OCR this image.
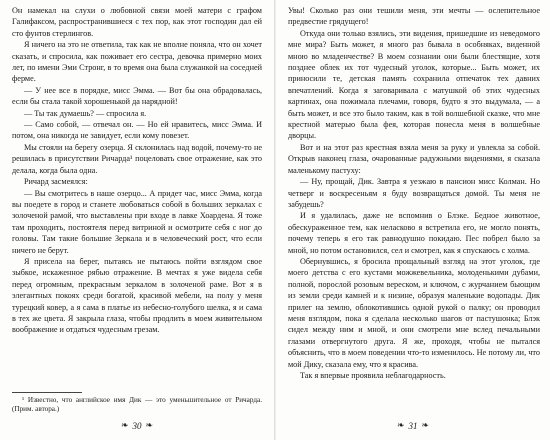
Он намекал на слухи о любовной связи моей матери с графом Галифаксом, распространившиеся с тех пор, как этот господин дал ей сто фунтов стерлингов.

Я ничего на это не ответила, так как не вполне поняла, что он хочет сказать, и спросила, как поживает его сестра, девочка примерно моих лет, по имени Эми Стронг, в то время она была служанкой на соседней ферме.

— У нее все в порядке, мисс Эмма. — Вот бы она обрадовалась, если бы стала такой хорошенькой да нарядной!

— Ты так думаешь? — спросила я.

— Само собой, — отвечал он. — Но ей нравитесь, мисс Эмма. И потом, она никогда не завидует, если кому повезет.

Мы стояли на берегу озерца. Я склонилась над водой, почему-то не решилась в присутствии Ричарда¹ поцеловать свое отражение, как это делала, когда была одна.

Ричард засмеялся:

— Вы смотритесь в наше озерцо... А придет час, мисс Эмма, когда вы поедете в город и станете любоваться собой в больших зеркалах с золоченой рамой, что выставлены при входе в лавке Хоардена. Я тоже там проходить, постоятеля перед витриной и осмотрите себя с ног до головы. Там такие большие Зеркала и в человеческий рост, что если ничего не берут.

Я присела на берег, пытаясь не пытаюсь пойти взглядом свое зыбкое, искаженное рябью отражение. В мечтах я уже видела себя перед огромным, прекрасным зеркалом в золоченой раме. Вот я в элегантных покоях среди богатой, красивой мебели, на полу у меня турецкий ковер, а я сама в платье из небесно-голубого шелка, я и сама в тех же цвета. Я закрыла глаза, чтобы продлить в моем живительном воображение и отдаться чудесным грезам.

Увы! Сколько раз они тешили меня, эти мечты — ослепительное предвестие грядущего!

Откуда они только взялись, эти видения, пришедшие из неведомого мне мира? Быть может, я много раз бывала в особняках, виденной мною во младенчестве? В моем сознании они были блестящие, хотя позднее облек их тот чудесный уголок, которые... Быть может, их приносили те, детская память сохранила отпечаток тех давних впечатлений. Когда я заговаривала с матушкой об этих чудесных картинах, она пожимала плечами, говоря, будто я это выдумала, — а быть может, и все это было таким, как в той волшебной сказке, что мне крестной матерью была фея, которая понесла меня в волшебные дворцы.

Вот и на этот раз крестная взяла меня за руку и увлекла за собой. Открыв наконец глаза, очарованные радужными видениями, я сказала маленькому пастуху:

— Ну, прощай, Дик. Завтра я уезжаю в пансион мисс Колман. Но четверг и воскресеньям я буду возвращаться домой. Ты меня не забудешь?

И я удалилась, даже не вспомнив о Блэке. Бедное животное, обескураженное тем, как нелаcково я встретила его, не могло понять, почему теперь я его так равнодушно покидаю. Пес побрел было за мной, но потом остановился, сел и смотрел, как я спускаюсь с холма.

Обернувшись, я бросила прощальный взгляд на этот уголок, где моего детства с его кустами можжевельника, молоденькими дубами, полной, порослой розовым вереском, и ключом, с журчанием бьющим из земли среди камней и к низине, образуя маленькие водопады. Дик прилег на землю, облокотившись одной рукой о палку; он проводил меня взглядом, пока я сделала несколько шагов от пастушонка; Блэк сидел между ним и мной, и они смотрели мне вслед печальными глазами отвергнутого друга. Я же, проходя, чтобы не пытался объяснить, что в моем поведении что-то изменилось. Не потому ли, что мой Дикy, сказала ему, что я красива.

Так я впервые проявила неблагодарность.

¹ Известно, что английское имя Дик — это уменьшительное от Ричарда. (Прим. автора.)
❧ 30 ❧	❧ 31 ❧
